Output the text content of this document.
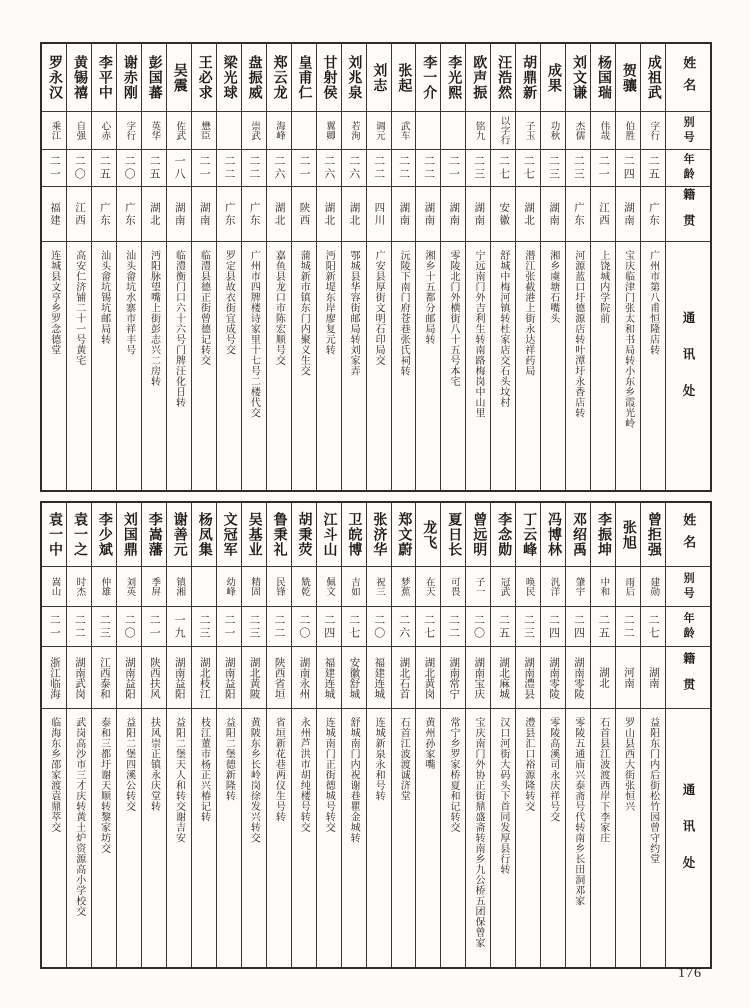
姓名
别号
年龄
籍贯
通讯处
成祖武
字行
二五
广东
广州市第八甫恒隆店转
贺骧
伯胜
二四
湖南
宝庆临津门张太和书局转小东乡霞光岭
杨国瑞
伟哉
二一
江西
上饶城内学院前
刘文谦
杰儒
二三
广东
河源蓝口圩德源店转叶潭圩永香店转
成果
功秋
二三
湖南
湘乡虞塘石嘴头
胡鼎新
子玉
二七
湖北
潜江张截港上街永达祥药局
汪浩然
以字行
二七
安徽
舒城中梅河镇转杜家店交石头坟村
欧声振
铭九
二三
湖南
宁远南门外吉利生转南路梅岗中山里
李光熙
二一
湖南
零陵北门外横街八十五号本宅
李一介
二二
湖南
湘乡十五都分邮局转
张起
武车
二二
湖南
沅陵下南门府苍巷张氏祠转
刘志
调元
二二
四川
广安县厚街文明石印局交
刘兆泉
若洵
二六
湖北
鄂城县华容街邮局转刘家弄
甘射侯
翼卿
二六
湖北
沔阳新堤东岸廖复元转
皇甫仁
二一
陕西
蒲城新市镇东门内聚义生交
郑云龙
海峰
二六
湖北
嘉鱼县龙口市陈宏顺号交
盘振威
崇武
二二
广东
广州市四牌楼诗家里十七号二楼代交
梁光球
二二
广东
罗定县故衣街宜成号交
王必求
懋臣
二一
湖南
临澧县德正街曾德记转交
吴震
佐武
一八
湖南
临澧衡门口六十六号门牌汪化日转
彭国蕃
英华
二五
湖北
沔阳脉望嘴上街彭志兴二房转
谢赤刚
字行
二〇
广东
汕头畲坑水寨市祥丰号
李平中
心赤
二五
广东
汕头畲坑锡坑邮局转
黄锡禧
自强
二〇
江西
高安仁济铺二十一号黄宅
罗永汉
乘江
二一
福建
连城县文亨乡罗念德堂
姓名
别号
年龄
籍贯
通讯处
曾拒强
建勋
二七
湖南
益阳东门内后街松竹园曾守约堂
张旭
雨后
二二
河南
罗山县西大街张恒兴
李振坤
中和
二五
湖北
石首县江波渡西岸下李家庄
邓绍禹
肇宇
二四
湖南零陵
零陵五通庙兴泰斋号代转南乡长田洞邓家
冯博林
汎洋
二四
湖南零陵
零陵高溪司永庆祥号交
丁云峰
唤民
二三
湖南澧县
澧县汇口裕源隆转交
李念勋
冠武
二五
湖北麻城
汉口河街大码头下首同发厚县行转
曾远明
子一
二〇
湖南宝庆
宝庆南门外协正街鼎盛斋转南乡九公桥五团保曾家
夏日长
可畏
二二
湖南常宁
常宁乡罗家桥夏和记转交
龙飞
在天
二七
湖北黄岗
黄州孙家嘴
郑文蔚
梦蕉
二六
湖北石首
石首江波渡诚济堂
张济华
祝三
二〇
福建连城
连城新泉永和号转
卫皖博
吉如
二七
安徽舒城
舒城南门内祝谢巷瞿金城转
江斗山
佩文
二四
福建连城
连城南门正街德城号转交
胡秉荧
兟乾
二〇
湖南永州
永州芦洪市胡纯楼号转交
鲁秉礼
民锋
二二
陕西省垣
省垣新花巷两仪生号转
吴基业
精固
二三
湖北黄陂
黄陂东乡长岭岗徐发兴转交
文冠军
幼峰
二一
湖南益阳
益阳二堡德新隆转
杨凤集
二三
湖北枝江
枝江董市杨正兴椿记转
谢善元
镇湘
一九
湖南益阳
益阳二堡天人和转交谢吉安
李嵩藩
季屏
二一
陕西扶风
扶风崇正镇永庆堂转
刘国鼎
刘英
二〇
湖南益阳
益阳二堡四溪公转交
李少斌
仲雄
二三
江西泰和
泰和三都圩谢天顺转黎家坊交
袁一之
时杰
二二
湖南武岗
武岗高沙市三才庆转黄土炉资源高小学校交
袁一中
嵩山
二一
浙江临海
临海东乡邵家渡袁鼎萃交
176
